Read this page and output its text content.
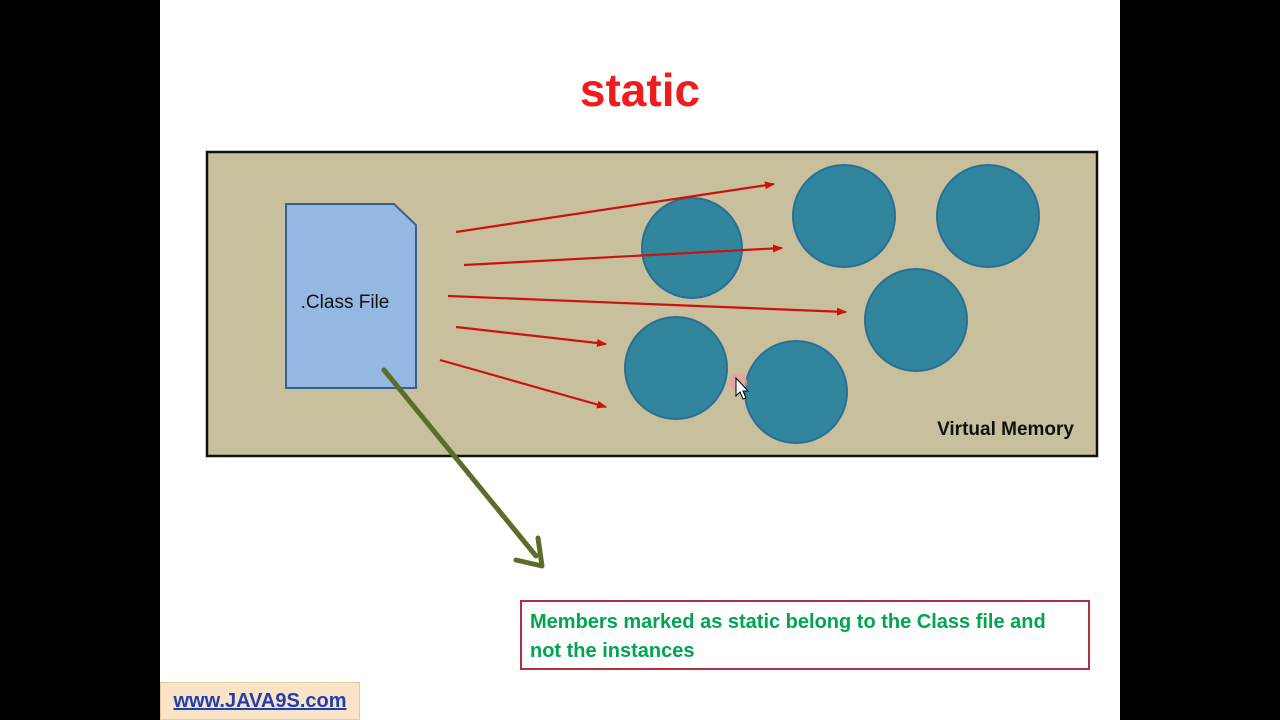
.Class File
Virtual Memory
static
Members marked as static belong to the Class file and not the instances
www.JAVA9S.com
